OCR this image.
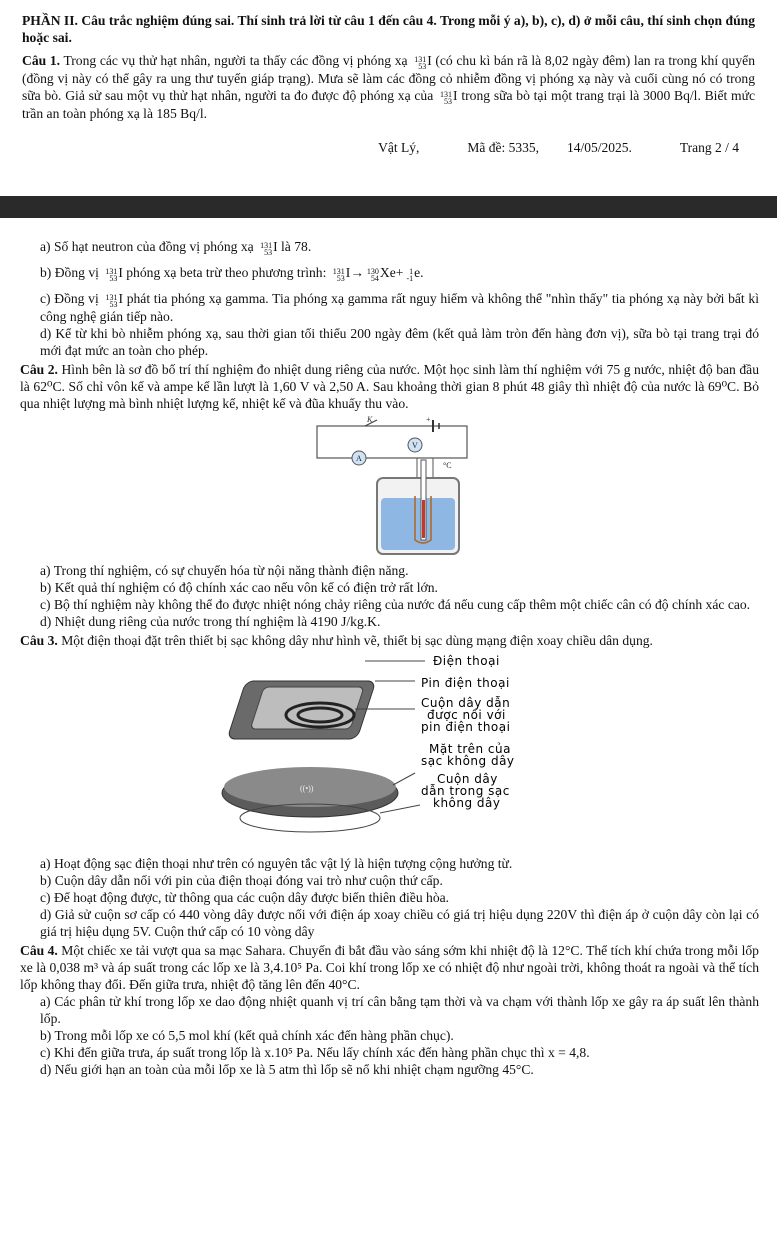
PHẦN II. Câu trắc nghiệm đúng sai. Thí sinh trả lời từ câu 1 đến câu 4. Trong mỗi ý a), b), c), d) ở mỗi câu, thí sinh chọn đúng hoặc sai.

Câu 1. Trong các vụ thử hạt nhân, người ta thấy các đồng vị phóng xạ 131
53 I (có chu kì bán rã là 8,02 ngày đêm) lan ra trong khí quyển (đồng vị này có thể gây ra ung thư tuyến giáp trạng). Mưa sẽ làm các đồng cỏ nhiễm đồng vị phóng xạ này và cuối cùng nó có trong sữa bò. Giả sử sau một vụ thử hạt nhân, người ta đo được độ phóng xạ của 131
53 I trong sữa bò tại một trang trại là 3000 Bq/l. Biết mức trần an toàn phóng xạ là 185 Bq/l.

Vật Lý,	Mã đề: 5335, 14/05/2025.	Trang 2 / 4

a) Số hạt neutron của đồng vị phóng xạ 131
53 I là 78.

b) Đồng vị 131
53 I phóng xạ beta trừ theo phương trình: 131
53 I→ 130
54 Xe+ 1
-1 e.

c) Đồng vị 131
53 I phát tia phóng xạ gamma. Tia phóng xạ gamma rất nguy hiểm và không thể "nhìn thấy" tia phóng xạ này bởi bất kì công nghệ gián tiếp nào.

d) Kể từ khi bò nhiễm phóng xạ, sau thời gian tối thiểu 200 ngày đêm (kết quả làm tròn đến hàng đơn vị), sữa bò tại trang trại đó mới đạt mức an toàn cho phép.

Câu 2. Hình bên là sơ đồ bố trí thí nghiệm đo nhiệt dung riêng của nước. Một học sinh làm thí nghiệm với 75 g nước, nhiệt độ ban đầu là 62⁰C. Số chỉ vôn kế và ampe kế lần lượt là 1,60 V và 2,50 A. Sau khoảng thời gian 8 phút 48 giây thì nhiệt độ của nước là 69⁰C. Bỏ qua nhiệt lượng mà bình nhiệt lượng kế, nhiệt kế và đũa khuấy thu vào.

K	+
V
A
°C

a) Trong thí nghiệm, có sự chuyển hóa từ nội năng thành điện năng.

b) Kết quả thí nghiệm có độ chính xác cao nếu vôn kế có điện trở rất lớn.

c) Bộ thí nghiệm này không thể đo được nhiệt nóng chảy riêng của nước đá nếu cung cấp thêm một chiếc cân có độ chính xác cao.

d) Nhiệt dung riêng của nước trong thí nghiệm là 4190 J/kg.K.

Câu 3. Một điện thoại đặt trên thiết bị sạc không dây như hình vẽ, thiết bị sạc dùng mạng điện xoay chiều dân dụng.

((•))
Điện thoại
Pin điện thoại
Cuộn dây dẫn
được nối với
pin điện thoại
Mặt trên của
sạc không dây
Cuộn dây
dẫn trong sạc
không dây

a) Hoạt động sạc điện thoại như trên có nguyên tắc vật lý là hiện tượng cộng hưởng từ.

b) Cuộn dây dẫn nối với pin của điện thoại đóng vai trò như cuộn thứ cấp.

c) Để hoạt động được, từ thông qua các cuộn dây được biến thiên điều hòa.

d) Giả sử cuộn sơ cấp có 440 vòng dây được nối với điện áp xoay chiều có giá trị hiệu dụng 220V thì điện áp ở cuộn dây còn lại có giá trị hiệu dụng 5V. Cuộn thứ cấp có 10 vòng dây

Câu 4. Một chiếc xe tải vượt qua sa mạc Sahara. Chuyến đi bắt đầu vào sáng sớm khi nhiệt độ là 12°C. Thể tích khí chứa trong mỗi lốp xe là 0,038 m³ và áp suất trong các lốp xe là 3,4.10⁵ Pa. Coi khí trong lốp xe có nhiệt độ như ngoài trời, không thoát ra ngoài và thể tích lốp không thay đổi. Đến giữa trưa, nhiệt độ tăng lên đến 40°C.

a) Các phân tử khí trong lốp xe dao động nhiệt quanh vị trí cân bằng tạm thời và va chạm với thành lốp xe gây ra áp suất lên thành lốp.

b) Trong mỗi lốp xe có 5,5 mol khí (kết quả chính xác đến hàng phần chục).

c) Khi đến giữa trưa, áp suất trong lốp là x.10⁵ Pa. Nếu lấy chính xác đến hàng phần chục thì x = 4,8.

d) Nếu giới hạn an toàn của mỗi lốp xe là 5 atm thì lốp sẽ nổ khi nhiệt chạm ngưỡng 45°C.
